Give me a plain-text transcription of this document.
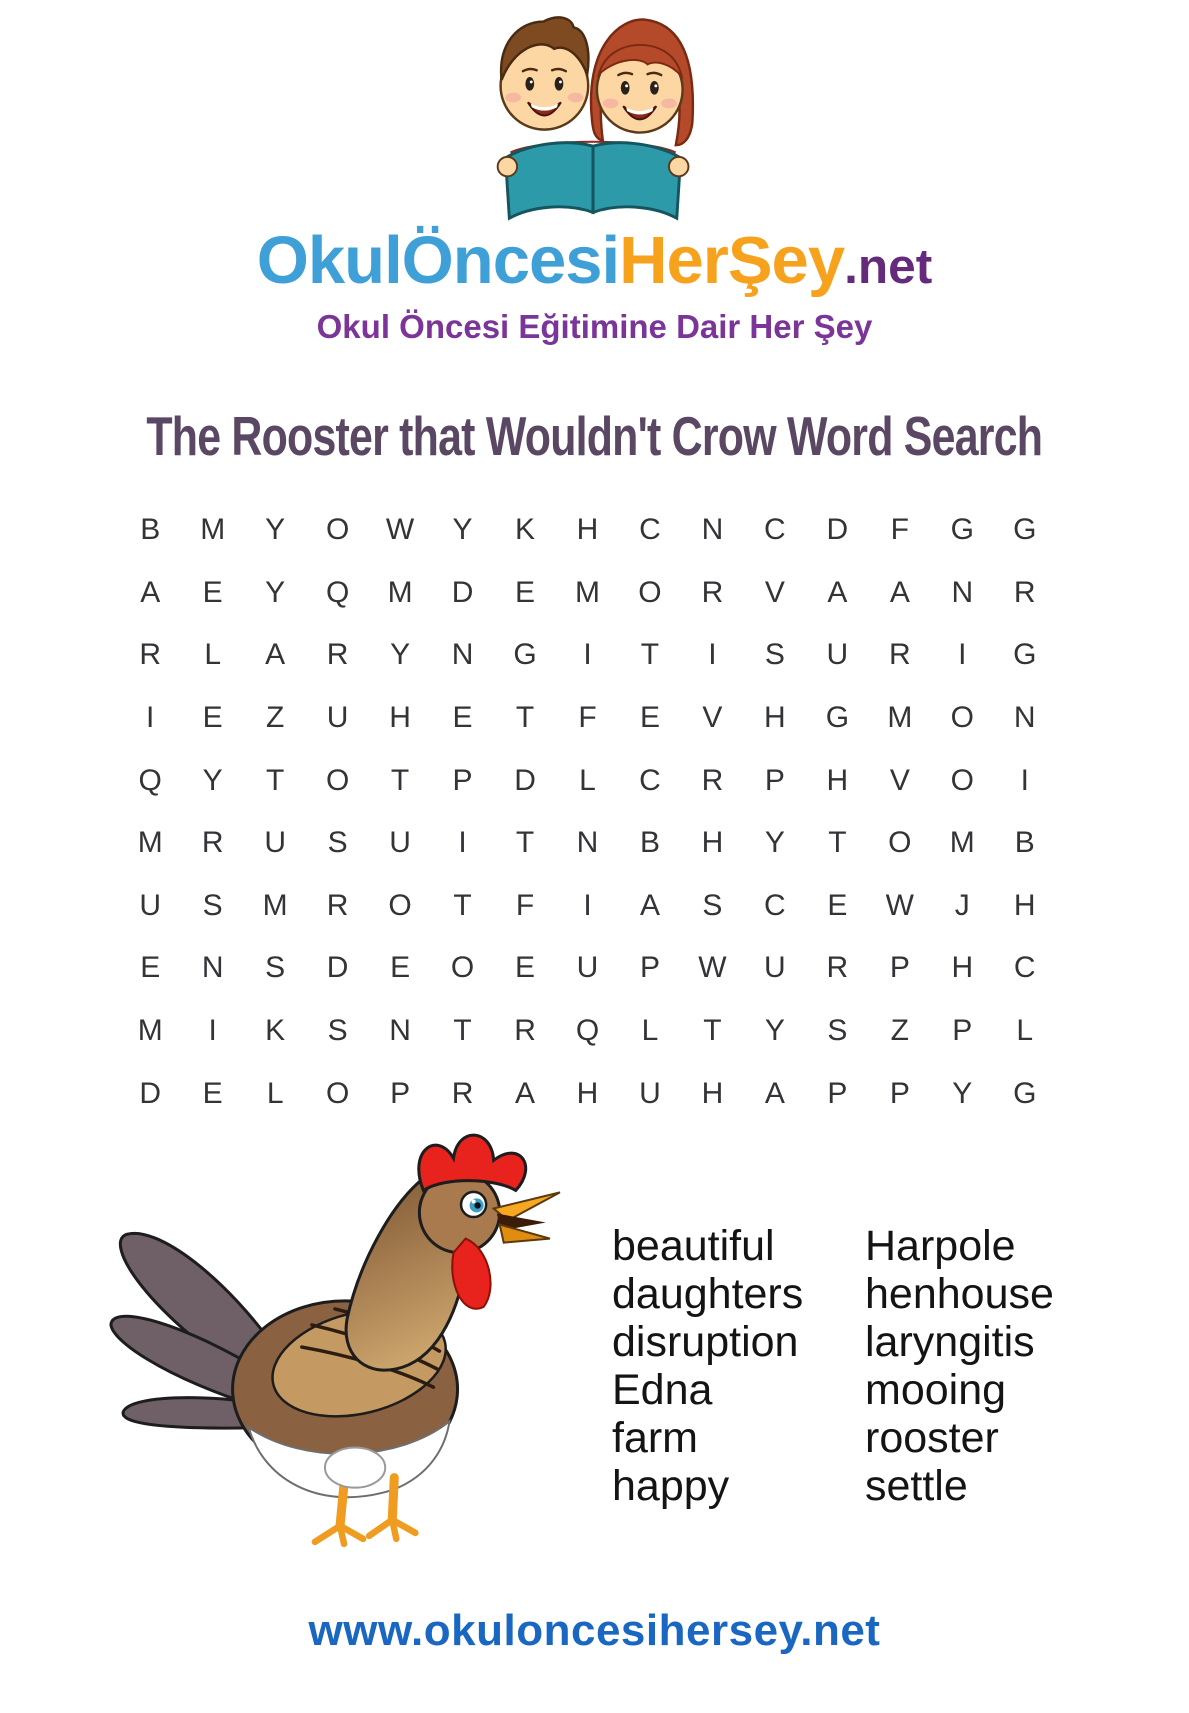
OkulÖncesiHerŞey.net
Okul Öncesi Eğitimine Dair Her Şey
The Rooster that Wouldn't Crow Word Search
B	M	Y	O	W	Y	K	H	C	N	C	D	F	G	G
A	E	Y	Q	M	D	E	M	O	R	V	A	A	N	R
R	L	A	R	Y	N	G	I	T	I	S	U	R	I	G
I	E	Z	U	H	E	T	F	E	V	H	G	M	O	N
Q	Y	T	O	T	P	D	L	C	R	P	H	V	O	I
M	R	U	S	U	I	T	N	B	H	Y	T	O	M	B
U	S	M	R	O	T	F	I	A	S	C	E	W	J	H
E	N	S	D	E	O	E	U	P	W	U	R	P	H	C
M	I	K	S	N	T	R	Q	L	T	Y	S	Z	P	L
D	E	L	O	P	R	A	H	U	H	A	P	P	Y	G
beautiful
daughters
disruption
Edna
farm
happy
Harpole
henhouse
laryngitis
mooing
rooster
settle
www.okuloncesihersey.net
